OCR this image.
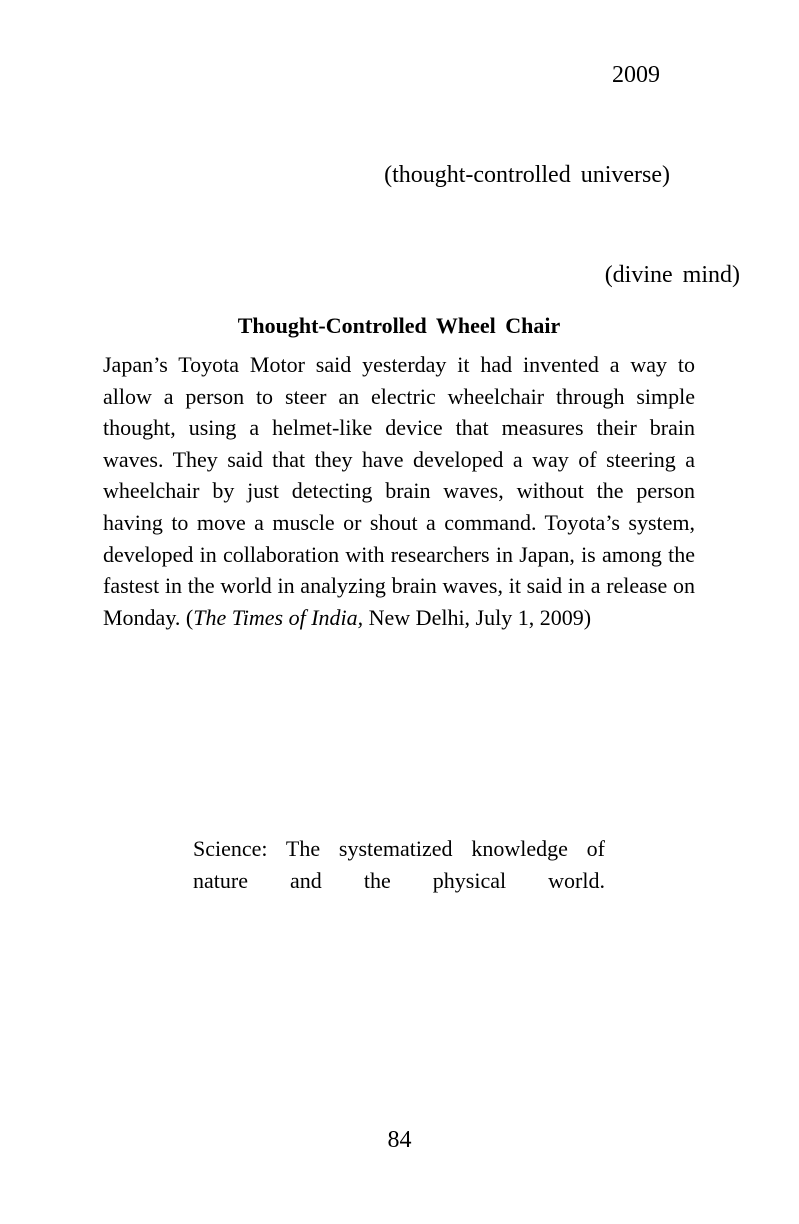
2009
(thought-controlled universe)
(divine mind)
Thought-Controlled Wheel Chair

Japan’s Toyota Motor said yesterday it had invented a way to allow a person to steer an electric wheelchair through simple thought, using a helmet-like device that measures their brain waves. They said that they have developed a way of steering a wheelchair by just detecting brain waves, without the person having to move a muscle or shout a command. Toyota’s system, developed in collaboration with researchers in Japan, is among the fastest in the world in analyzing brain waves, it said in a release on Monday. (The Times of India, New Delhi, July 1, 2009)

Science: The systematized knowledge of nature and the physical world.
84
